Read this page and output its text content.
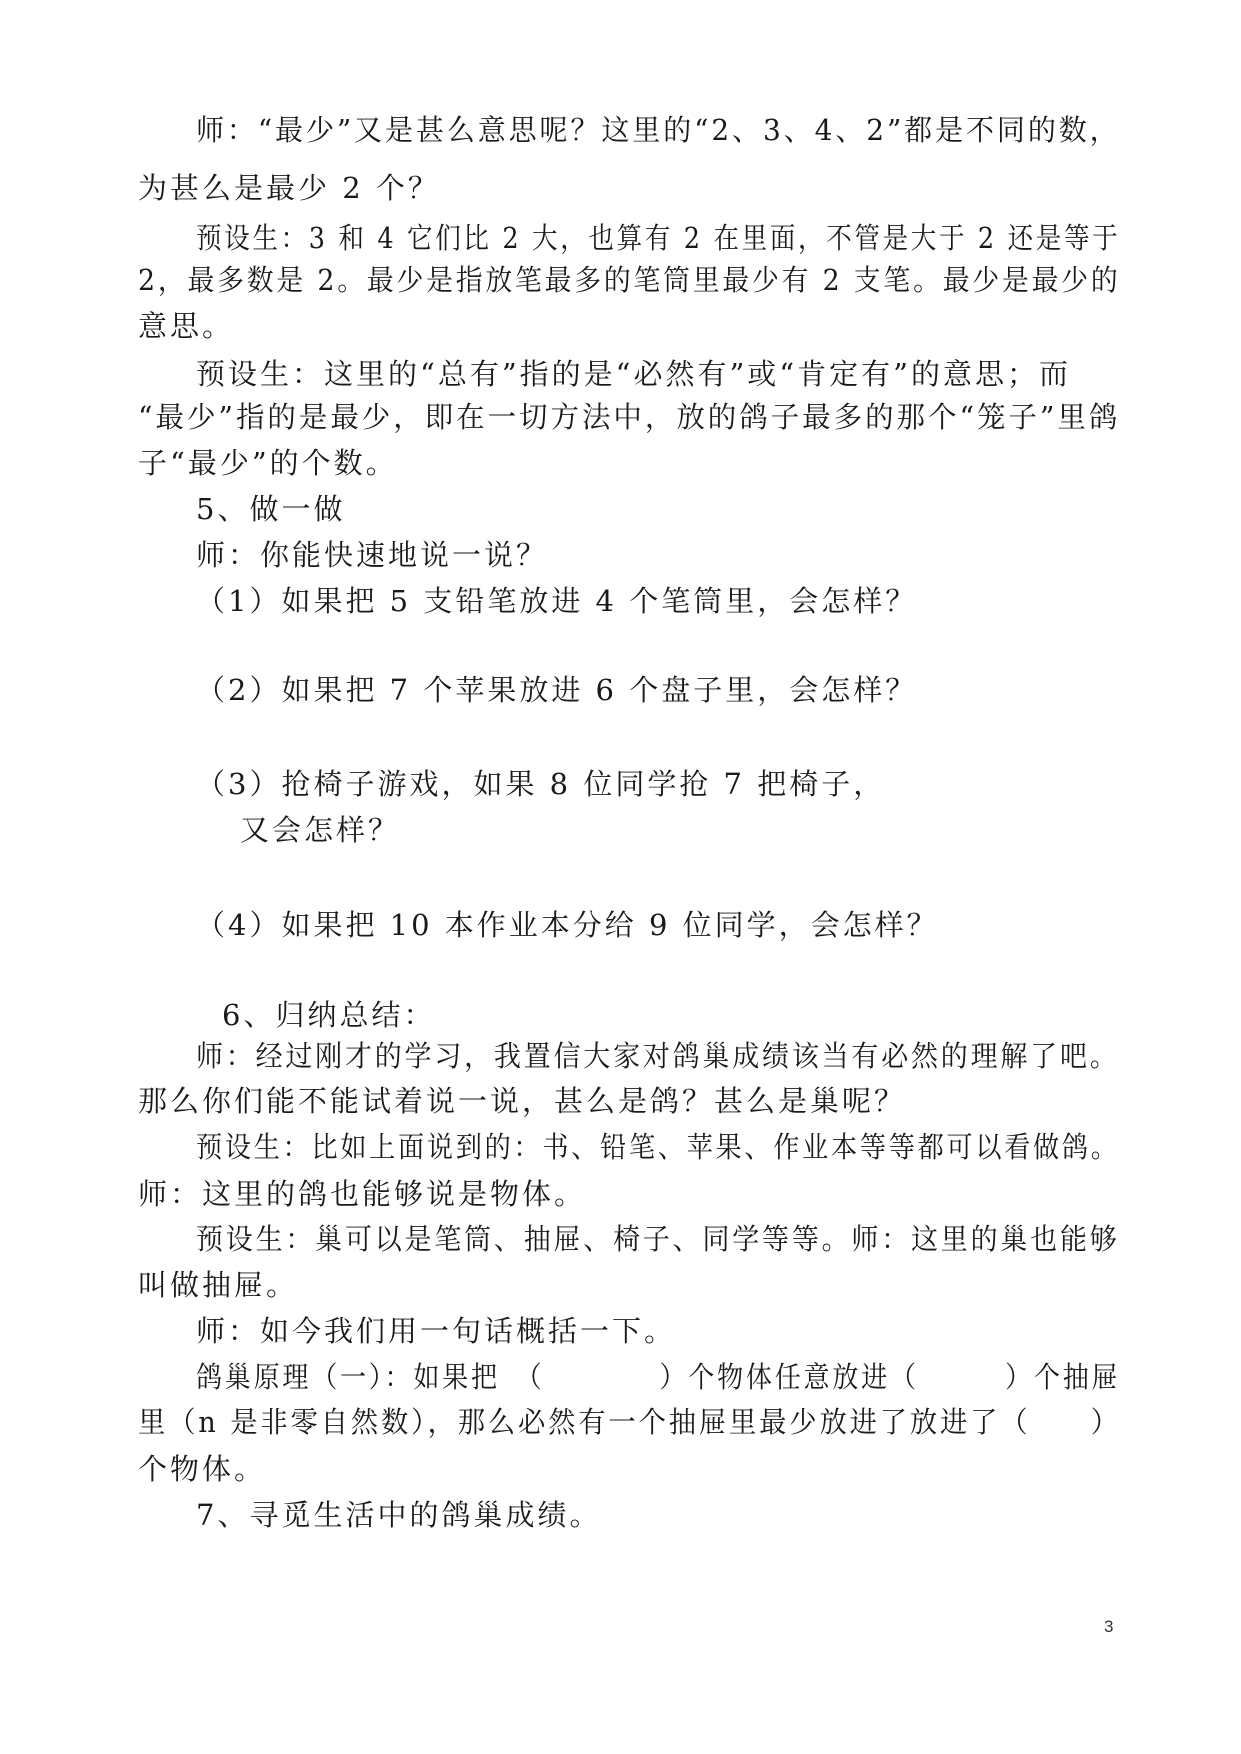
师：“最少”又是甚么意思呢？这里的“2、3、4、2”都是不同的数，
为甚么是最少 2 个？
预设生：3 和 4 它们比 2 大，也算有 2 在里面，不管是大于 2 还是等于
2，最多数是 2。最少是指放笔最多的笔筒里最少有 2 支笔。最少是最少的
意思。
预设生：这里的“总有”指的是“必然有”或“肯定有”的意思；而
“最少”指的是最少，即在一切方法中，放的鸽子最多的那个“笼子”里鸽
子“最少”的个数。
5、做一做
师：你能快速地说一说？
（1）如果把 5 支铅笔放进 4 个笔筒里，会怎样？
（2）如果把 7 个苹果放进 6 个盘子里，会怎样？
（3）抢椅子游戏，如果 8 位同学抢 7 把椅子，
又会怎样？
（4）如果把 10 本作业本分给 9 位同学，会怎样？
6、归纳总结：
师：经过刚才的学习，我置信大家对鸽巢成绩该当有必然的理解了吧。
那么你们能不能试着说一说，甚么是鸽？甚么是巢呢？
预设生：比如上面说到的：书、铅笔、苹果、作业本等等都可以看做鸽。
师：这里的鸽也能够说是物体。
预设生：巢可以是笔筒、抽屉、椅子、同学等等。师：这里的巢也能够
叫做抽屉。
师：如今我们用一句话概括一下。
鸽巢原理（一）：如果把　（　　　　）个物体任意放进（　　　）个抽屉
里（n 是非零自然数），那么必然有一个抽屉里最少放进了放进了（　　）
个物体。
7、寻觅生活中的鸽巢成绩。
3
